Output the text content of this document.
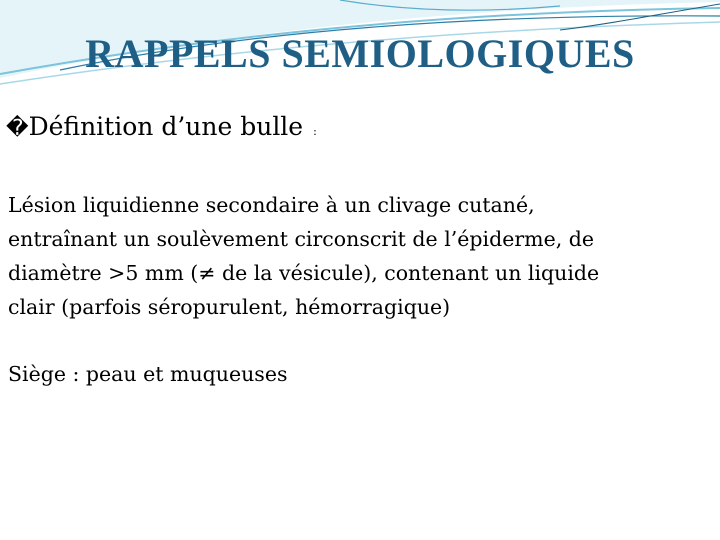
RAPPELS SEMIOLOGIQUES
�Définition d’une bulle :
Lésion liquidienne secondaire à un clivage cutané,
entraînant un soulèvement circonscrit de l’épiderme, de
diamètre >5 mm (≠ de la vésicule), contenant un liquide
clair (parfois séropurulent, hémorragique)
Siège : peau et muqueuses
